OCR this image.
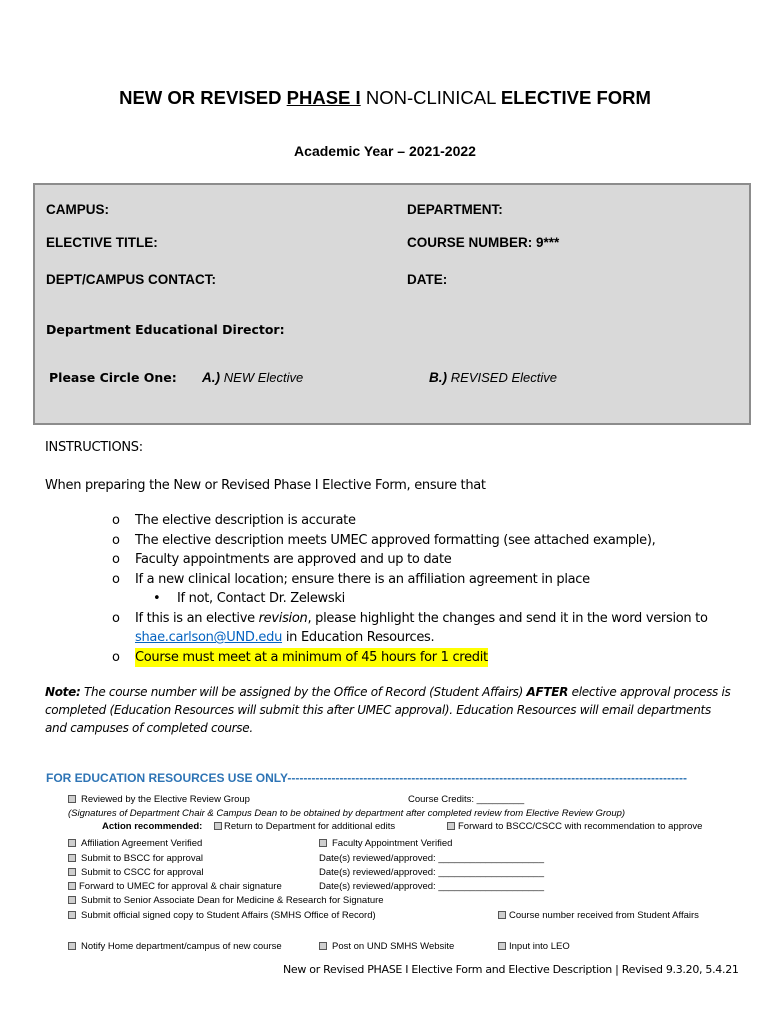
NEW OR REVISED PHASE I NON-CLINICAL ELECTIVE FORM
Academic Year – 2021-2022
CAMPUS:	DEPARTMENT:
ELECTIVE TITLE:	COURSE NUMBER: 9***
DEPT/CAMPUS CONTACT:	DATE:
Department Educational Director:
Please Circle One: A.) NEW Elective	B.) REVISED Elective
INSTRUCTIONS:
When preparing the New or Revised Phase I Elective Form, ensure that
o	The elective description is accurate
o	The elective description meets UMEC approved formatting (see attached example),
o	Faculty appointments are approved and up to date
o	If a new clinical location; ensure there is an affiliation agreement in place
• If not, Contact Dr. Zelewski
o	If this is an elective revision, please highlight the changes and send it in the word version to
shae.carlson@UND.edu in Education Resources.
o	Course must meet at a minimum of 45 hours for 1 credit
Note: The course number will be assigned by the Office of Record (Student Affairs) AFTER elective approval process is completed (Education Resources will submit this after UMEC approval). Education Resources will email departments and campuses of completed course.
FOR EDUCATION RESOURCES USE ONLY----------------------------------------------------------------------------------------------------
Reviewed by the Elective Review Group	Course Credits: _________
(Signatures of Department Chair & Campus Dean to be obtained by department after completed review from Elective Review Group)
Action recommended:	Return to Department for additional edits	Forward to BSCC/CSCC with recommendation to approve
Affiliation Agreement Verified	Faculty Appointment Verified
Submit to BSCC for approval	Date(s) reviewed/approved: ____________________
Submit to CSCC for approval	Date(s) reviewed/approved: ____________________
Forward to UMEC for approval & chair signature	Date(s) reviewed/approved: ____________________
Submit to Senior Associate Dean for Medicine & Research for Signature
Submit official signed copy to Student Affairs (SMHS Office of Record)	Course number received from Student Affairs
Notify Home department/campus of new course	Post on UND SMHS Website	Input into LEO
New or Revised PHASE I Elective Form and Elective Description | Revised 9.3.20, 5.4.21
